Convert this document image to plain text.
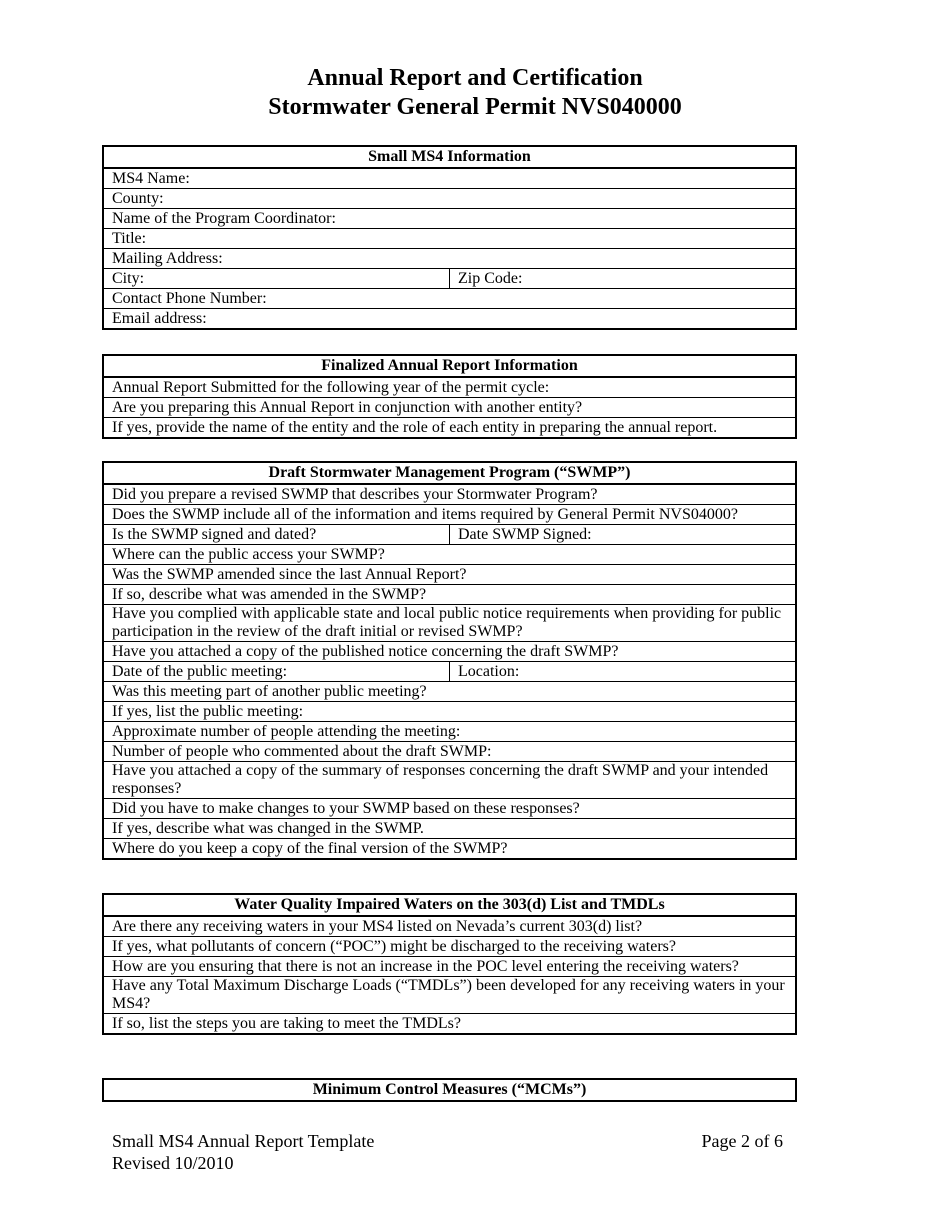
Annual Report and Certification
Stormwater General Permit NVS040000
Small MS4 Information
MS4 Name:
County:
Name of the Program Coordinator:
Title:
Mailing Address:
City:	Zip Code:
Contact Phone Number:
Email address:
Finalized Annual Report Information
Annual Report Submitted for the following year of the permit cycle:
Are you preparing this Annual Report in conjunction with another entity?
If yes, provide the name of the entity and the role of each entity in preparing the annual report.
Draft Stormwater Management Program (“SWMP”)	
Did you prepare a revised SWMP that describes your Stormwater Program?	
Does the SWMP include all of the information and items required by General Permit NVS04000?	
Is the SWMP signed and dated?	Date SWMP Signed:
Where can the public access your SWMP?	
Was the SWMP amended since the last Annual Report?	
If so, describe what was amended in the SWMP?	
Have you complied with applicable state and local public notice requirements when providing for public participation in the review of the draft initial or revised SWMP?	
Have you attached a copy of the published notice concerning the draft SWMP?	
Date of the public meeting:	Location:
Was this meeting part of another public meeting?	
If yes, list the public meeting:	
Approximate number of people attending the meeting:	
Number of people who commented about the draft SWMP:	
Have you attached a copy of the summary of responses concerning the draft SWMP and your intended responses?	
Did you have to make changes to your SWMP based on these responses?	
If yes, describe what was changed in the SWMP.	
Where do you keep a copy of the final version of the SWMP?	
Water Quality Impaired Waters on the 303(d) List and TMDLs
Are there any receiving waters in your MS4 listed on Nevada’s current 303(d) list?
If yes, what pollutants of concern (“POC”) might be discharged to the receiving waters?
How are you ensuring that there is not an increase in the POC level entering the receiving waters?
Have any Total Maximum Discharge Loads (“TMDLs”) been developed for any receiving waters in your MS4?
If so, list the steps you are taking to meet the TMDLs?
Minimum Control Measures (“MCMs”)
Small MS4 Annual Report Template
Revised 10/2010
Page 2 of 6
